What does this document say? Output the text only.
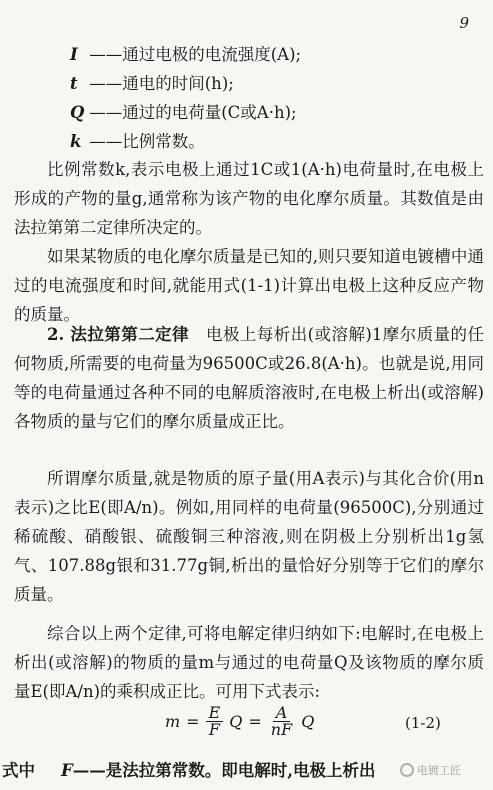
9
I ——通过电极的电流强度(A);
t ——通电的时间(h);
Q ——通过的电荷量(C或A·h);
k ——比例常数。

比例常数k,表示电极上通过1C或1(A·h)电荷量时,在电极上形成的产物的量g,通常称为该产物的电化摩尔质量。其数值是由法拉第第二定律所决定的。

如果某物质的电化摩尔质量是已知的,则只要知道电镀槽中通过的电流强度和时间,就能用式(1-1)计算出电极上这种反应产物的质量。

2. 法拉第第二定律　 电极上每析出(或溶解)1摩尔质量的任何物质,所需要的电荷量为96500C或26.8(A·h)。也就是说,用同等的电荷量通过各种不同的电解质溶液时,在电极上析出(或溶解)各物质的量与它们的摩尔质量成正比。

所谓摩尔质量,就是物质的原子量(用A表示)与其化合价(用n表示)之比E(即A/n)。例如,用同样的电荷量(96500C),分别通过稀硫酸、硝酸银、硫酸铜三种溶液,则在阴极上分别析出1g氢气、107.88g银和31.77g铜,析出的量恰好分别等于它们的摩尔质量。

综合以上两个定律,可将电解定律归纳如下:电解时,在电极上析出(或溶解)的物质的量m与通过的电荷量Q及该物质的摩尔质量E(即A/n)的乘积成正比。可用下式表示:

$m = \frac{E}{F}$ $Q = \frac{A}{nF}$ Q	(1-2)
式中 F——是法拉第常数。即电解时,电极上析出	电镀工匠
